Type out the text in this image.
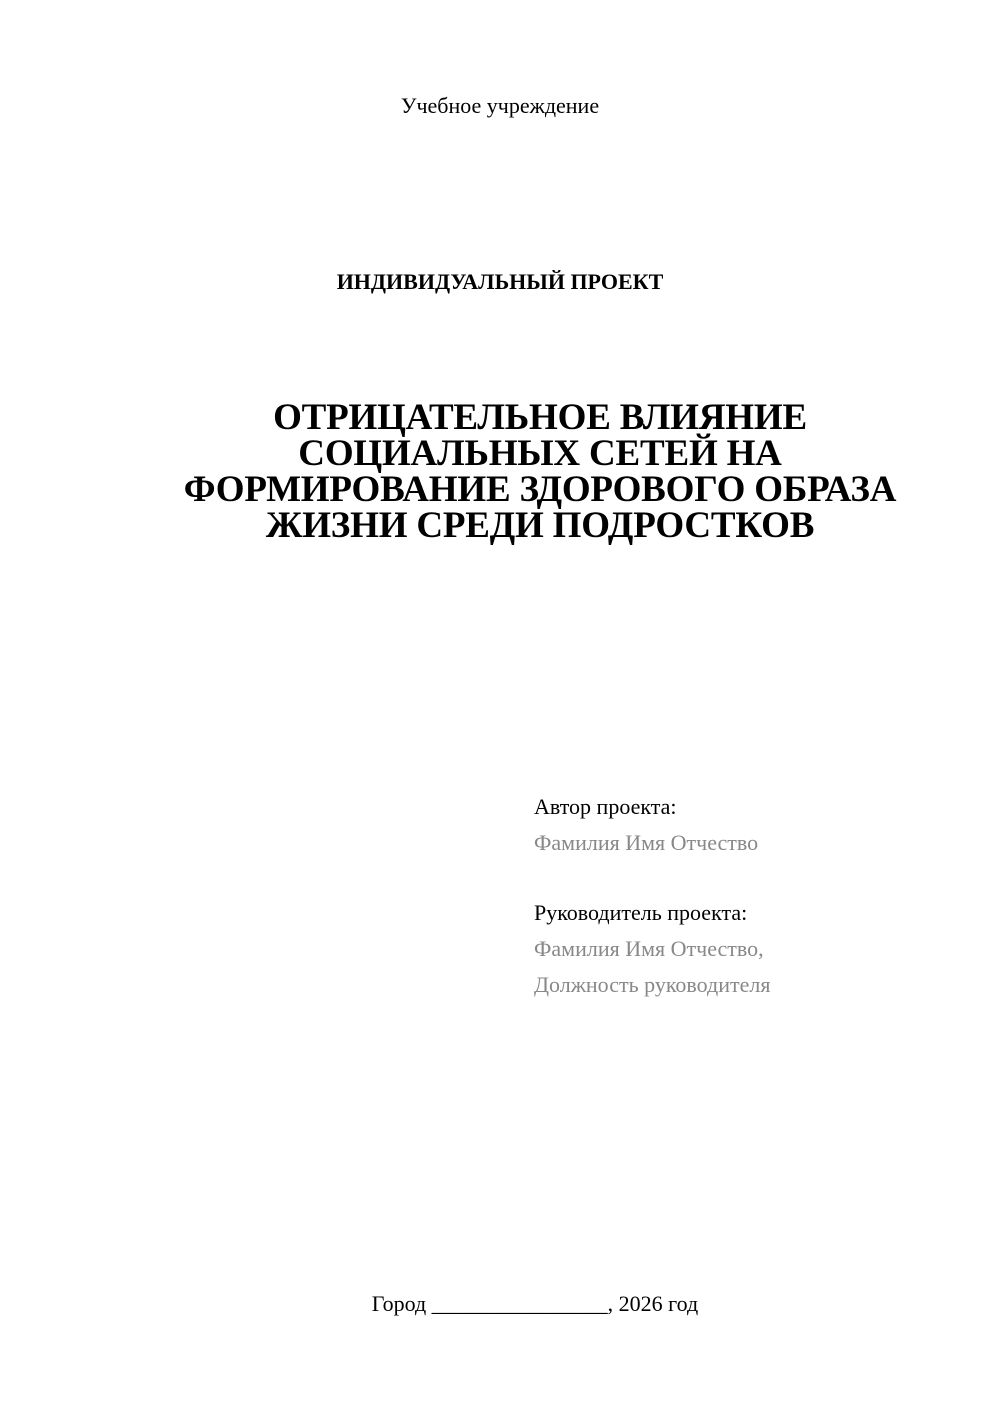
Учебное учреждение
ИНДИВИДУАЛЬНЫЙ ПРОЕКТ
ОТРИЦАТЕЛЬНОЕ ВЛИЯНИЕ
СОЦИАЛЬНЫХ СЕТЕЙ НА
ФОРМИРОВАНИЕ ЗДОРОВОГО ОБРАЗА
ЖИЗНИ СРЕДИ ПОДРОСТКОВ
Автор проекта:
Фамилия Имя Отчество
Руководитель проекта:
Фамилия Имя Отчество,
Должность руководителя
Город ________________, 2026 год
